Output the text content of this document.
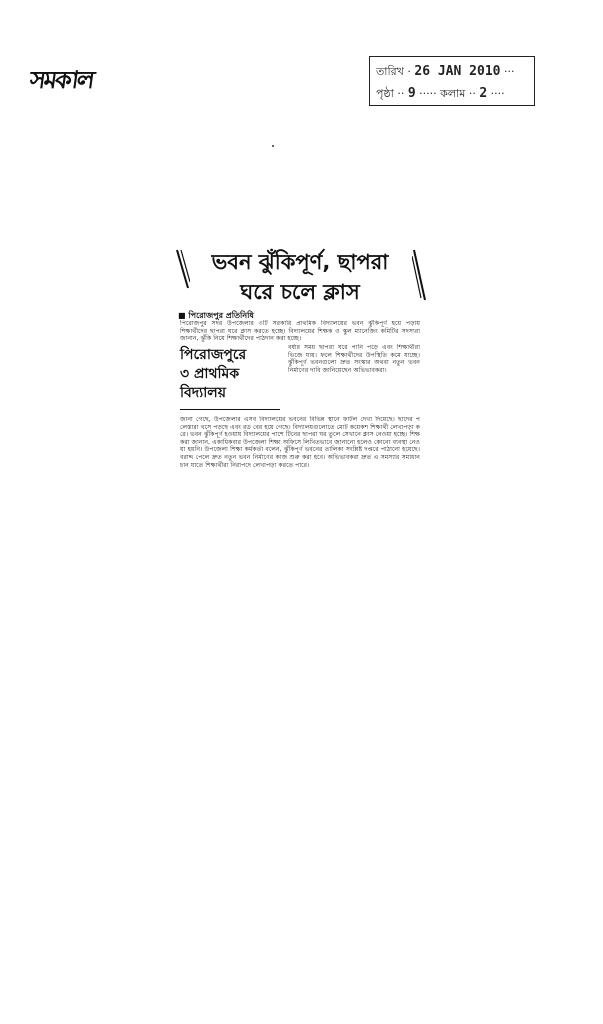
সমকাল	তারিখ · 26 JAN 2010 ···
পৃষ্ঠা ·· 9 ····· কলাম ·· 2 ····
ভবন ঝুঁকিপূর্ণ, ছাপরা
ঘরে চলে ক্লাস
■ পিরোজপুর প্রতিনিধি
পিরোজপুর সদর উপজেলার ৩টি সরকারি প্রাথমিক বিদ্যালয়ের ভবন ঝুঁকিপূর্ণ হয়ে পড়ায় শিক্ষার্থীদের ছাপরা ঘরে ক্লাস করতে হচ্ছে। বিদ্যালয়ের শিক্ষক ও স্কুল ম্যানেজিং কমিটির সদস্যরা জানান, ঝুঁকি নিয়ে শিক্ষার্থীদের পাঠদান করা হচ্ছে।
পিরোজপুরে
৩ প্রাথমিক
বিদ্যালয়
বর্ষার সময় ছাপরা ঘরে পানি পড়ে এবং শিক্ষার্থীরা ভিজে যায়। ফলে শিক্ষার্থীদের উপস্থিতি কমে যাচ্ছে। ঝুঁকিপূর্ণ ভবনগুলো দ্রুত সংস্কার অথবা নতুন ভবন নির্মাণের দাবি জানিয়েছেন অভিভাবকরা।
জানা গেছে, উপজেলার এসব বিদ্যালয়ের ভবনের বিভিন্ন স্থানে ফাটল দেখা দিয়েছে। ছাদের পলেস্তারা খসে পড়ছে এবং রড বের হয়ে গেছে। বিদ্যালয়গুলোতে মোট কয়েকশ শিক্ষার্থী লেখাপড়া করে। ভবন ঝুঁকিপূর্ণ হওয়ায় বিদ্যালয়ের পাশে টিনের ছাপরা ঘর তুলে সেখানে ক্লাস নেওয়া হচ্ছে। শিক্ষকরা জানান, একাধিকবার উপজেলা শিক্ষা অফিসে লিখিতভাবে জানানো হলেও কোনো ব্যবস্থা নেওয়া হয়নি। উপজেলা শিক্ষা কর্মকর্তা বলেন, ঝুঁকিপূর্ণ ভবনের তালিকা সংশ্লিষ্ট দপ্তরে পাঠানো হয়েছে। বরাদ্দ পেলে দ্রুত নতুন ভবন নির্মাণের কাজ শুরু করা হবে। অভিভাবকরা দ্রুত এ সমস্যার সমাধান চান যাতে শিক্ষার্থীরা নিরাপদে লেখাপড়া করতে পারে।
